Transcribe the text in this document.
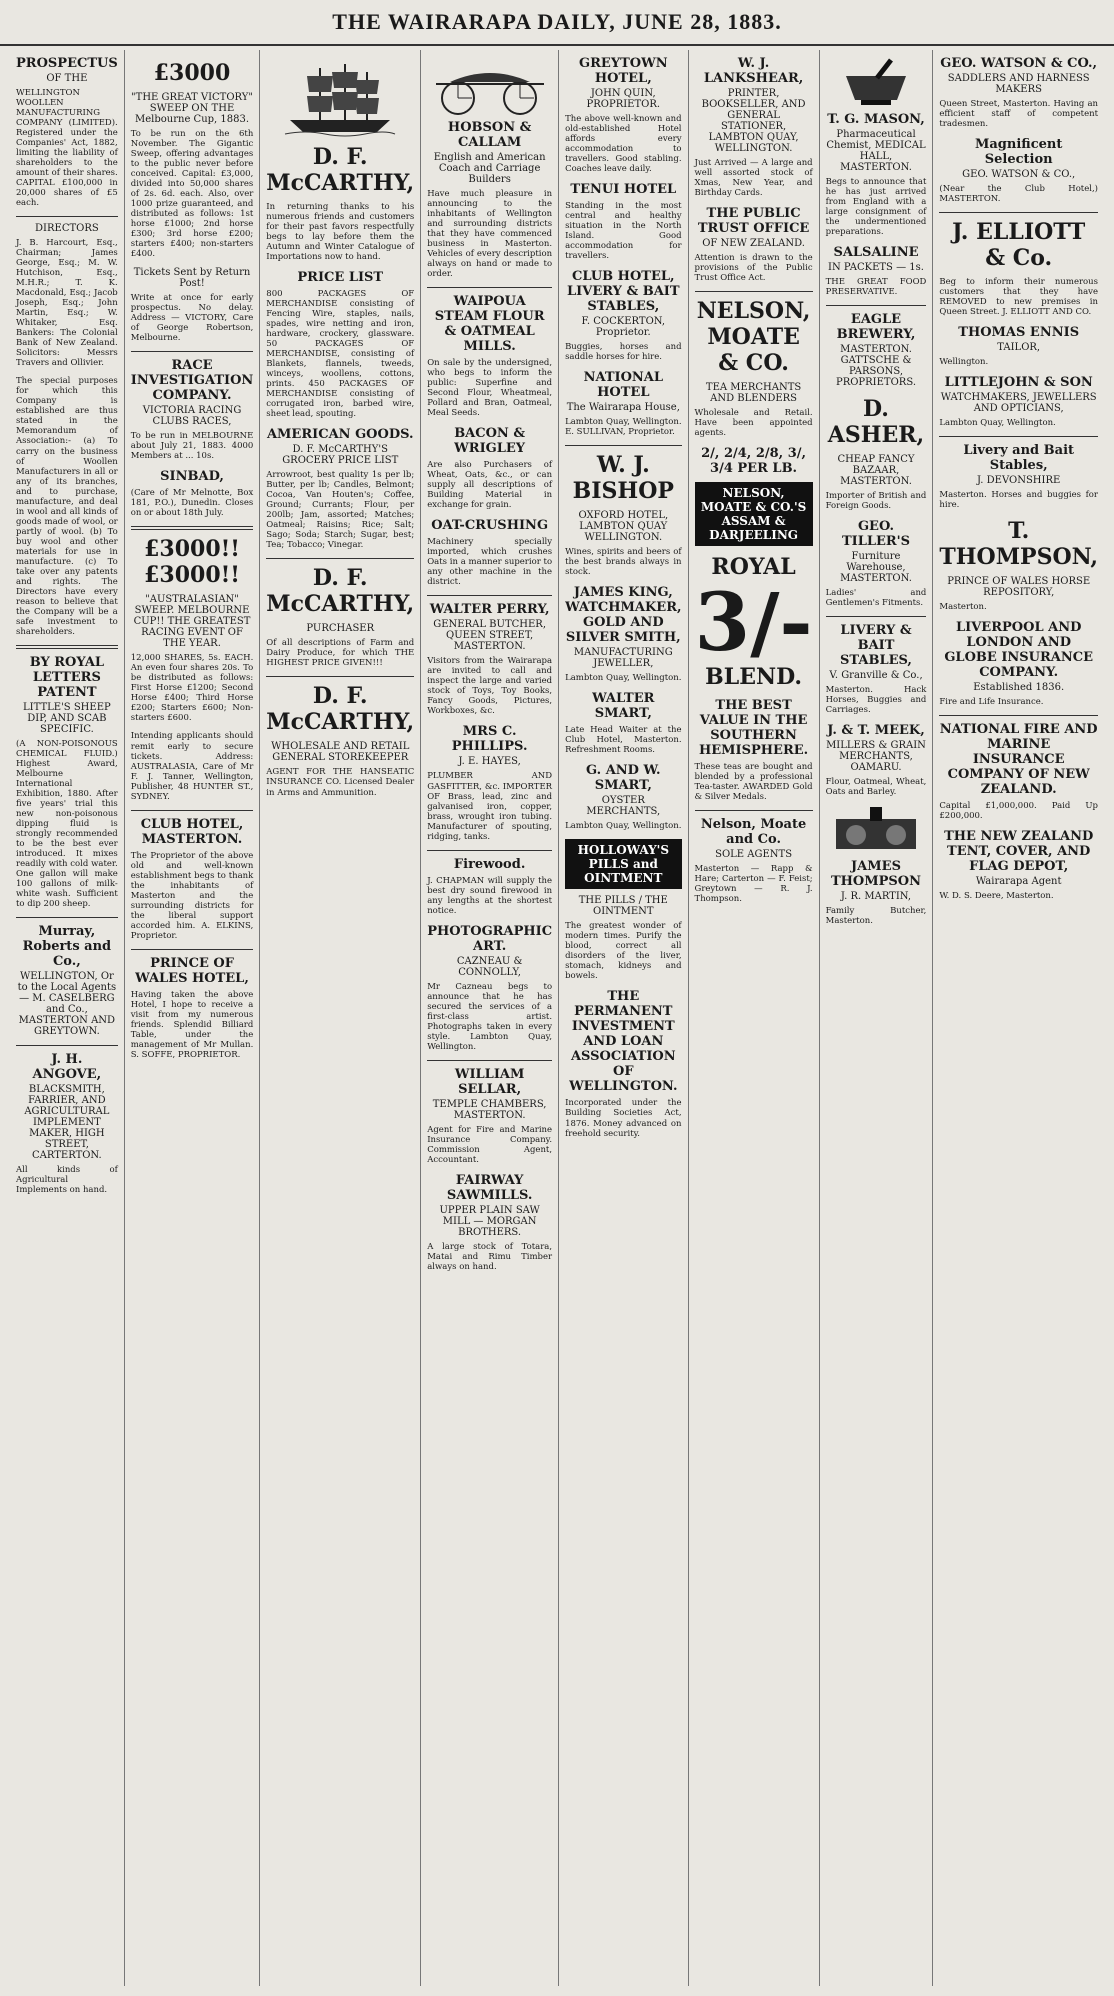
THE WAIRARAPA DAILY, JUNE 28, 1883.
PROSPECTUS
OF THE
WELLINGTON WOOLLEN MANUFACTURING COMPANY (LIMITED). Registered under the Companies' Act, 1882, limiting the liability of shareholders to the amount of their shares. CAPITAL £100,000 in 20,000 shares of £5 each.
DIRECTORS
J. B. Harcourt, Esq., Chairman; James George, Esq.; M. W. Hutchison, Esq., M.H.R.; T. K. Macdonald, Esq.; Jacob Joseph, Esq.; John Martin, Esq.; W. Whitaker, Esq. Bankers: The Colonial Bank of New Zealand. Solicitors: Messrs Travers and Ollivier.
The special purposes for which this Company is established are thus stated in the Memorandum of Association:- (a) To carry on the business of Woollen Manufacturers in all or any of its branches, and to purchase, manufacture, and deal in wool and all kinds of goods made of wool, or partly of wool. (b) To buy wool and other materials for use in manufacture. (c) To take over any patents and rights. The Directors have every reason to believe that the Company will be a safe investment to shareholders.
BY ROYAL LETTERS PATENT
LITTLE'S SHEEP DIP, AND SCAB SPECIFIC.
(A NON-POISONOUS CHEMICAL FLUID.) Highest Award, Melbourne International Exhibition, 1880. After five years' trial this new non-poisonous dipping fluid is strongly recommended to be the best ever introduced. It mixes readily with cold water. One gallon will make 100 gallons of milk-white wash. Sufficient to dip 200 sheep.
Murray, Roberts and Co.,
WELLINGTON, Or to the Local Agents— M. CASELBERG and Co., MASTERTON AND GREYTOWN.
J. H. ANGOVE,
BLACKSMITH, FARRIER, AND AGRICULTURAL IMPLEMENT MAKER, HIGH STREET, CARTERTON.
All kinds of Agricultural Implements on hand.
£3000
"THE GREAT VICTORY" SWEEP ON THE Melbourne Cup, 1883.
To be run on the 6th November. The Gigantic Sweep, offering advantages to the public never before conceived. Capital: £3,000, divided into 50,000 shares of 2s. 6d. each. Also, over 1000 prize guaranteed, and distributed as follows: 1st horse £1000; 2nd horse £300; 3rd horse £200; starters £400; non-starters £400.
Tickets Sent by Return Post!
Write at once for early prospectus. No delay. Address — VICTORY, Care of George Robertson, Melbourne.
RACE INVESTIGATION COMPANY.
VICTORIA RACING CLUBS RACES,
To be run in MELBOURNE about July 21, 1883. 4000 Members at ... 10s.
SINBAD,
(Care of Mr Melnotte, Box 181, P.O.), Dunedin. Closes on or about 18th July.
£3000!! £3000!!
"AUSTRALASIAN" SWEEP. MELBOURNE CUP!! THE GREATEST RACING EVENT OF THE YEAR.
12,000 SHARES, 5s. EACH. An even four shares 20s. To be distributed as follows: First Horse £1200; Second Horse £400; Third Horse £200; Starters £600; Non-starters £600.
Intending applicants should remit early to secure tickets. Address: AUSTRALASIA, Care of Mr F. J. Tanner, Wellington, Publisher, 48 HUNTER ST., SYDNEY.
CLUB HOTEL, MASTERTON.
The Proprietor of the above old and well-known establishment begs to thank the inhabitants of Masterton and the surrounding districts for the liberal support accorded him. A. ELKINS, Proprietor.
PRINCE OF WALES HOTEL,
Having taken the above Hotel, I hope to receive a visit from my numerous friends. Splendid Billiard Table, under the management of Mr Mullan. S. SOFFE, PROPRIETOR.
D. F. McCARTHY,
In returning thanks to his numerous friends and customers for their past favors respectfully begs to lay before them the Autumn and Winter Catalogue of Importations now to hand.
PRICE LIST
800 PACKAGES OF MERCHANDISE consisting of Fencing Wire, staples, nails, spades, wire netting and iron, hardware, crockery, glassware. 50 PACKAGES OF MERCHANDISE, consisting of Blankets, flannels, tweeds, winceys, woollens, cottons, prints. 450 PACKAGES OF MERCHANDISE consisting of corrugated iron, barbed wire, sheet lead, spouting.
AMERICAN GOODS.
D. F. McCARTHY'S GROCERY PRICE LIST
Arrowroot, best quality 1s per lb; Butter, per lb; Candles, Belmont; Cocoa, Van Houten's; Coffee, Ground; Currants; Flour, per 200lb; Jam, assorted; Matches; Oatmeal; Raisins; Rice; Salt; Sago; Soda; Starch; Sugar, best; Tea; Tobacco; Vinegar.
D. F. McCARTHY,
PURCHASER
Of all descriptions of Farm and Dairy Produce, for which THE HIGHEST PRICE GIVEN!!!
D. F. McCARTHY,
WHOLESALE AND RETAIL GENERAL STOREKEEPER
AGENT FOR THE HANSEATIC INSURANCE CO. Licensed Dealer in Arms and Ammunition.
HOBSON & CALLAM
English and American Coach and Carriage Builders
Have much pleasure in announcing to the inhabitants of Wellington and surrounding districts that they have commenced business in Masterton. Vehicles of every description always on hand or made to order.
WAIPOUA STEAM FLOUR & OATMEAL MILLS.
On sale by the undersigned, who begs to inform the public: Superfine and Second Flour, Wheatmeal, Pollard and Bran, Oatmeal, Meal Seeds.
BACON & WRIGLEY
Are also Purchasers of Wheat, Oats, &c., or can supply all descriptions of Building Material in exchange for grain.
OAT-CRUSHING
Machinery specially imported, which crushes Oats in a manner superior to any other machine in the district.
WALTER PERRY,
GENERAL BUTCHER, QUEEN STREET, MASTERTON.
Visitors from the Wairarapa are invited to call and inspect the large and varied stock of Toys, Toy Books, Fancy Goods, Pictures, Workboxes, &c.
MRS C. PHILLIPS.
J. E. HAYES,
PLUMBER AND GASFITTER, &c. IMPORTER OF Brass, lead, zinc and galvanised iron, copper, brass, wrought iron tubing. Manufacturer of spouting, ridging, tanks.
Firewood.
J. CHAPMAN will supply the best dry sound firewood in any lengths at the shortest notice.
PHOTOGRAPHIC ART.
CAZNEAU & CONNOLLY,
Mr Cazneau begs to announce that he has secured the services of a first-class artist. Photographs taken in every style. Lambton Quay, Wellington.
WILLIAM SELLAR,
TEMPLE CHAMBERS, MASTERTON.
Agent for Fire and Marine Insurance Company. Commission Agent, Accountant.
FAIRWAY SAWMILLS.
UPPER PLAIN SAW MILL — MORGAN BROTHERS.
A large stock of Totara, Matai and Rimu Timber always on hand.
GREYTOWN HOTEL,
JOHN QUIN, PROPRIETOR.
The above well-known and old-established Hotel affords every accommodation to travellers. Good stabling. Coaches leave daily.
TENUI HOTEL
Standing in the most central and healthy situation in the North Island. Good accommodation for travellers.
CLUB HOTEL, LIVERY & BAIT STABLES,
F. COCKERTON, Proprietor.
Buggies, horses and saddle horses for hire.
NATIONAL HOTEL
The Wairarapa House,
Lambton Quay, Wellington. E. SULLIVAN, Proprietor.
W. J. BISHOP
OXFORD HOTEL, LAMBTON QUAY WELLINGTON.
Wines, spirits and beers of the best brands always in stock.
JAMES KING, WATCHMAKER, GOLD AND SILVER SMITH,
MANUFACTURING JEWELLER,
Lambton Quay, Wellington.
WALTER SMART,
Late Head Waiter at the Club Hotel, Masterton. Refreshment Rooms.
G. AND W. SMART,
OYSTER MERCHANTS,
Lambton Quay, Wellington.
HOLLOWAY'S PILLS and OINTMENT
THE PILLS / THE OINTMENT
The greatest wonder of modern times. Purify the blood, correct all disorders of the liver, stomach, kidneys and bowels.
THE PERMANENT INVESTMENT AND LOAN ASSOCIATION OF WELLINGTON.
Incorporated under the Building Societies Act, 1876. Money advanced on freehold security.
W. J. LANKSHEAR,
PRINTER, BOOKSELLER, AND GENERAL STATIONER, LAMBTON QUAY, WELLINGTON.
Just Arrived — A large and well assorted stock of Xmas, New Year, and Birthday Cards.
THE PUBLIC TRUST OFFICE
OF NEW ZEALAND.
Attention is drawn to the provisions of the Public Trust Office Act.
NELSON, MOATE & CO.
TEA MERCHANTS AND BLENDERS
Wholesale and Retail. Have been appointed agents.
2/, 2/4, 2/8, 3/, 3/4 PER LB.
NELSON, MOATE & CO.'S ASSAM & DARJEELING
ROYAL
3/-
BLEND.
THE BEST VALUE IN THE SOUTHERN HEMISPHERE.
These teas are bought and blended by a professional Tea-taster. AWARDED Gold & Silver Medals.
Nelson, Moate and Co.
SOLE AGENTS
Masterton — Rapp & Hare; Carterton — F. Feist; Greytown — R. J. Thompson.
T. G. MASON,
Pharmaceutical Chemist, MEDICAL HALL, MASTERTON.
Begs to announce that he has just arrived from England with a large consignment of the undermentioned preparations.
SALSALINE
IN PACKETS — 1s.
THE GREAT FOOD PRESERVATIVE.
EAGLE BREWERY,
MASTERTON. GATTSCHE & PARSONS, PROPRIETORS.
D. ASHER,
CHEAP FANCY BAZAAR, MASTERTON.
Importer of British and Foreign Goods.
GEO. TILLER'S
Furniture Warehouse, MASTERTON.
Ladies' and Gentlemen's Fitments.
LIVERY & BAIT STABLES,
V. Granville & Co.,
Masterton. Hack Horses, Buggies and Carriages.
J. & T. MEEK,
MILLERS & GRAIN MERCHANTS, OAMARU.
Flour, Oatmeal, Wheat, Oats and Barley.
JAMES THOMPSON
J. R. MARTIN,
Family Butcher, Masterton.
GEO. WATSON & CO.,
SADDLERS AND HARNESS MAKERS
Queen Street, Masterton. Having an efficient staff of competent tradesmen.
Magnificent Selection
GEO. WATSON & CO.,
(Near the Club Hotel,) MASTERTON.
J. ELLIOTT & Co.
Beg to inform their numerous customers that they have REMOVED to new premises in Queen Street. J. ELLIOTT AND CO.
THOMAS ENNIS
TAILOR,
Wellington.
LITTLEJOHN & SON
WATCHMAKERS, JEWELLERS AND OPTICIANS,
Lambton Quay, Wellington.
Livery and Bait Stables,
J. DEVONSHIRE
Masterton. Horses and buggies for hire.
T. THOMPSON,
PRINCE OF WALES HORSE REPOSITORY,
Masterton.
LIVERPOOL AND LONDON AND GLOBE INSURANCE COMPANY.
Established 1836.
Fire and Life Insurance.
NATIONAL FIRE AND MARINE INSURANCE COMPANY OF NEW ZEALAND.
Capital £1,000,000. Paid Up £200,000.
THE NEW ZEALAND TENT, COVER, AND FLAG DEPOT,
Wairarapa Agent
W. D. S. Deere, Masterton.
